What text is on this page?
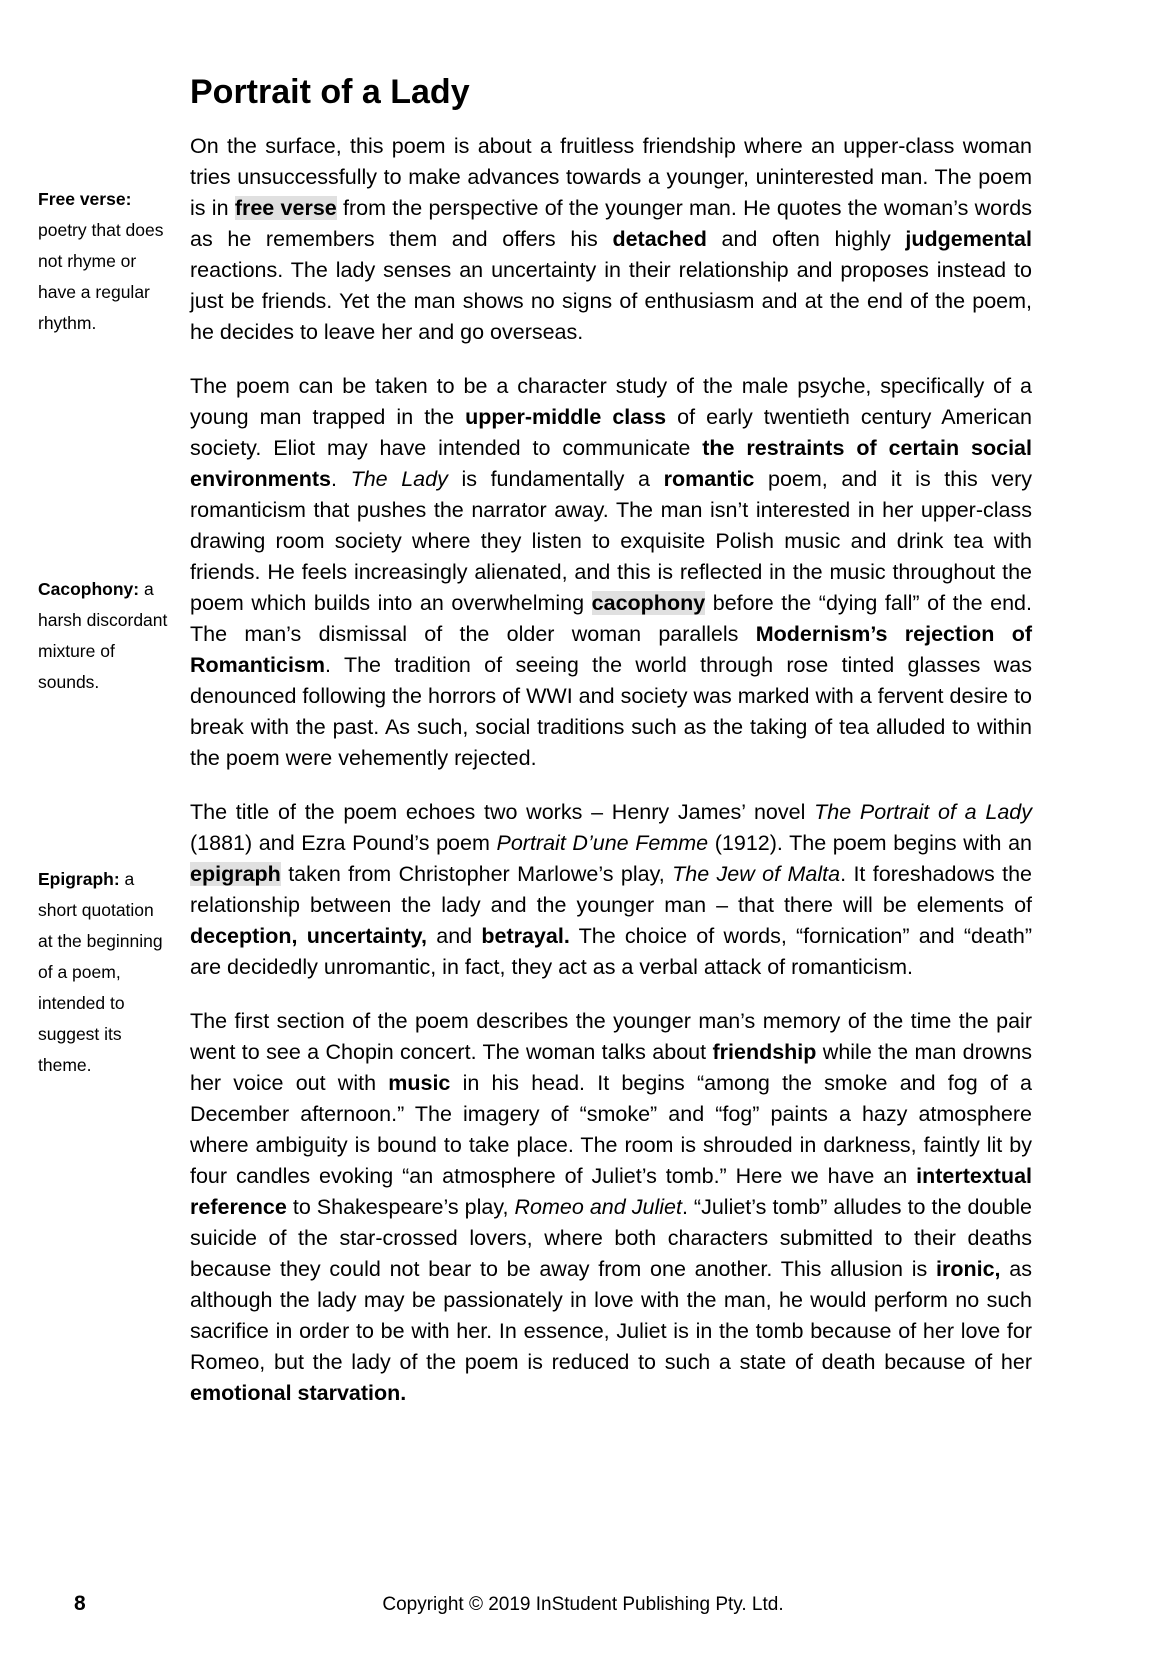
Free verse: poetry that does not rhyme or have a regular rhythm.
Cacophony: a harsh discordant mixture of sounds.
Epigraph: a short quotation at the beginning of a poem, intended to suggest its theme.
Portrait of a Lady

On the surface, this poem is about a fruitless friendship where an upper-class woman tries unsuccessfully to make advances towards a younger, uninterested man. The poem is in free verse from the perspective of the younger man. He quotes the woman’s words as he remembers them and offers his detached and often highly judgemental reactions. The lady senses an uncertainty in their relationship and proposes instead to just be friends. Yet the man shows no signs of enthusiasm and at the end of the poem, he decides to leave her and go overseas.

The poem can be taken to be a character study of the male psyche, specifically of a young man trapped in the upper-middle class of early twentieth century American society. Eliot may have intended to communicate the restraints of certain social environments. The Lady is fundamentally a romantic poem, and it is this very romanticism that pushes the narrator away. The man isn’t interested in her upper-class drawing room society where they listen to exquisite Polish music and drink tea with friends. He feels increasingly alienated, and this is reflected in the music throughout the poem which builds into an overwhelming cacophony before the “dying fall” of the end. The man’s dismissal of the older woman parallels Modernism’s rejection of Romanticism. The tradition of seeing the world through rose tinted glasses was denounced following the horrors of WWI and society was marked with a fervent desire to break with the past. As such, social traditions such as the taking of tea alluded to within the poem were vehemently rejected.

The title of the poem echoes two works – Henry James’ novel The Portrait of a Lady (1881) and Ezra Pound’s poem Portrait D’une Femme (1912). The poem begins with an epigraph taken from Christopher Marlowe’s play, The Jew of Malta. It foreshadows the relationship between the lady and the younger man – that there will be elements of deception, uncertainty, and betrayal. The choice of words, “fornication” and “death” are decidedly unromantic, in fact, they act as a verbal attack of romanticism.

The first section of the poem describes the younger man’s memory of the time the pair went to see a Chopin concert. The woman talks about friendship while the man drowns her voice out with music in his head. It begins “among the smoke and fog of a December afternoon.” The imagery of “smoke” and “fog” paints a hazy atmosphere where ambiguity is bound to take place. The room is shrouded in darkness, faintly lit by four candles evoking “an atmosphere of Juliet’s tomb.” Here we have an intertextual reference to Shakespeare’s play, Romeo and Juliet. “Juliet’s tomb” alludes to the double suicide of the star-crossed lovers, where both characters submitted to their deaths because they could not bear to be away from one another. This allusion is ironic, as although the lady may be passionately in love with the man, he would perform no such sacrifice in order to be with her. In essence, Juliet is in the tomb because of her love for Romeo, but the lady of the poem is reduced to such a state of death because of her emotional starvation.

8	Copyright © 2019 InStudent Publishing Pty. Ltd.
